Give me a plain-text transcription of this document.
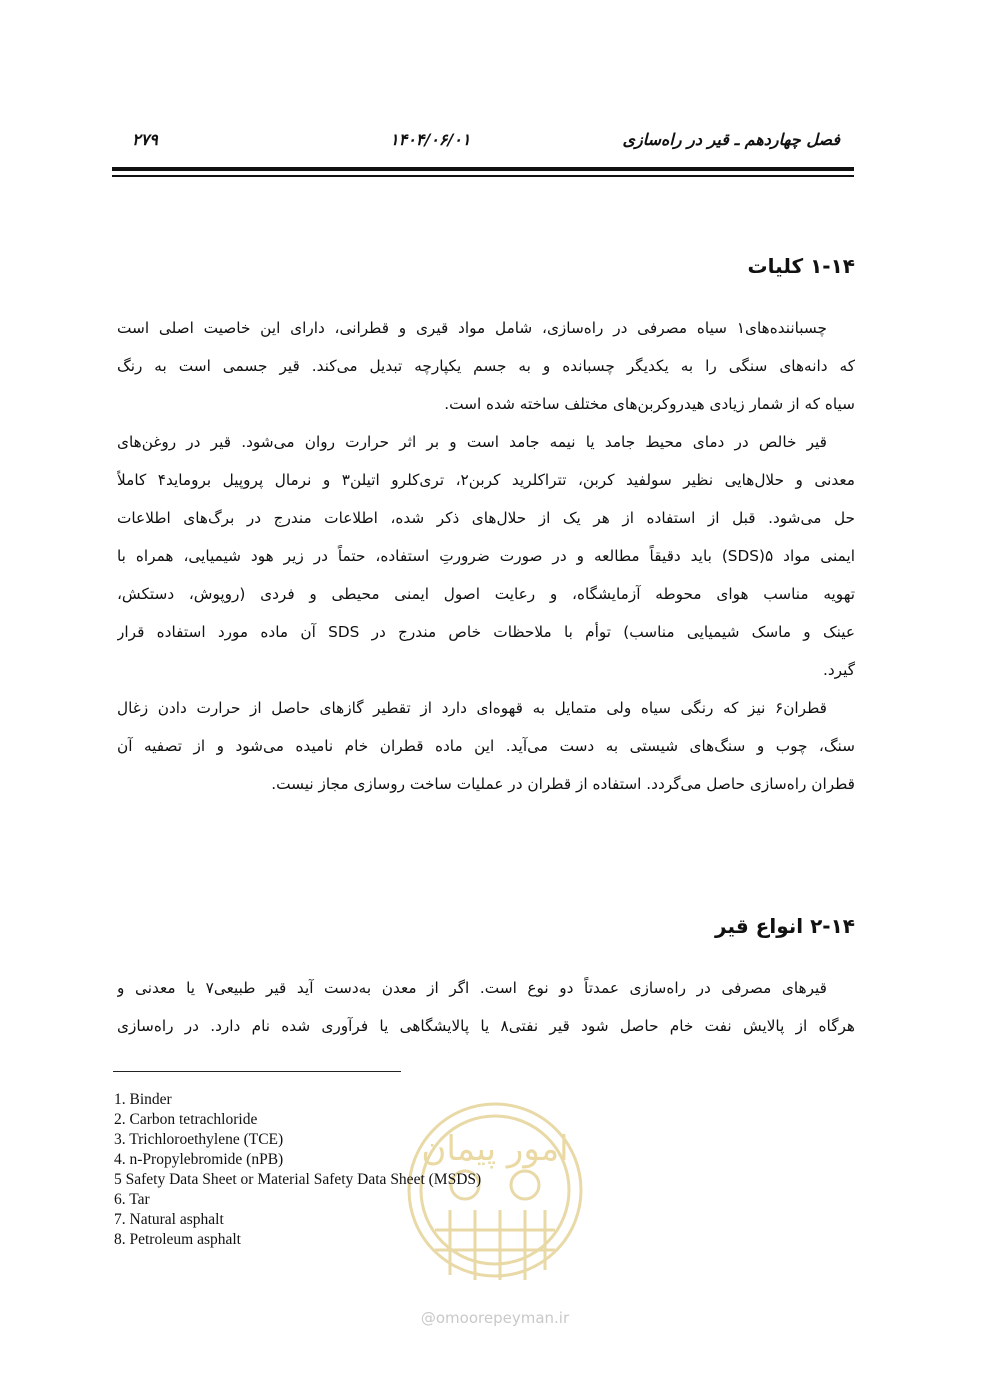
فصل چهاردهم ـ قیر در راه‌سازی
۱۴۰۴/۰۶/۰۱
۲۷۹
۱-۱۴ کلیات
چسباننده‌های۱ سیاه مصرفی در راه‌سازی، شامل مواد قیری و قطرانی، دارای این خاصیت اصلی است
که دانه‌های سنگی را به یکدیگر چسبانده و به جسم یکپارچه تبدیل می‌کند. قیر جسمی است به رنگ
سیاه که از شمار زیادی هیدروکربن‌های مختلف ساخته شده است.
قیر خالص در دمای محیط جامد یا نیمه جامد است و بر اثر حرارت روان می‌شود. قیر در روغن‌های
معدنی و حلال‌هایی نظیر سولفید کربن، تتراکلرید کربن۲، تری‌کلرو اتیلن۳ و نرمال پروپیل برومايد۴ کاملاً
حل می‌شود. قبل از استفاده از هر یک از حلال‌های ذکر شده، اطلاعات مندرج در برگ‌های اطلاعات
ایمنی مواد ۵(SDS) باید دقیقاً مطالعه و در صورت ضرورتِ استفاده، حتماً در زیر هود شیمیایی، همراه با
تهویه مناسب هوای محوطه آزمایشگاه، و رعایت اصول ایمنی محیطی و فردی (روپوش، دستکش،
عینک و ماسک شیمیایی مناسب) توأم با ملاحظات خاص مندرج در SDS آن ماده مورد استفاده قرار
گیرد.
قطران۶ نیز که رنگی سیاه ولی متمایل به قهوه‌ای دارد از تقطیر گازهای حاصل از حرارت دادن زغال
سنگ، چوب و سنگ‌های شیستی به دست می‌آید. این ماده قطران خام نامیده می‌شود و از تصفیه آن
قطران راه‌سازی حاصل می‌گردد. استفاده از قطران در عملیات ساخت روسازی مجاز نیست.
۲-۱۴ انواع قیر
قیرهای مصرفی در راه‌سازی عمدتاً دو نوع است. اگر از معدن به‌دست آید قیر طبیعی۷ یا معدنی و
هرگاه از پالایش نفت خام حاصل شود قیر نفتی۸ یا پالایشگاهی یا فرآوری شده نام دارد. در راه‌سازی
امور پیمان
@omoorepeyman.ir
1. Binder
2. Carbon tetrachloride
3. Trichloroethylene (TCE)
4. n-Propylebromide (nPB)
5 Safety Data Sheet or Material Safety Data Sheet (MSDS)
6. Tar
7. Natural asphalt
8. Petroleum asphalt
